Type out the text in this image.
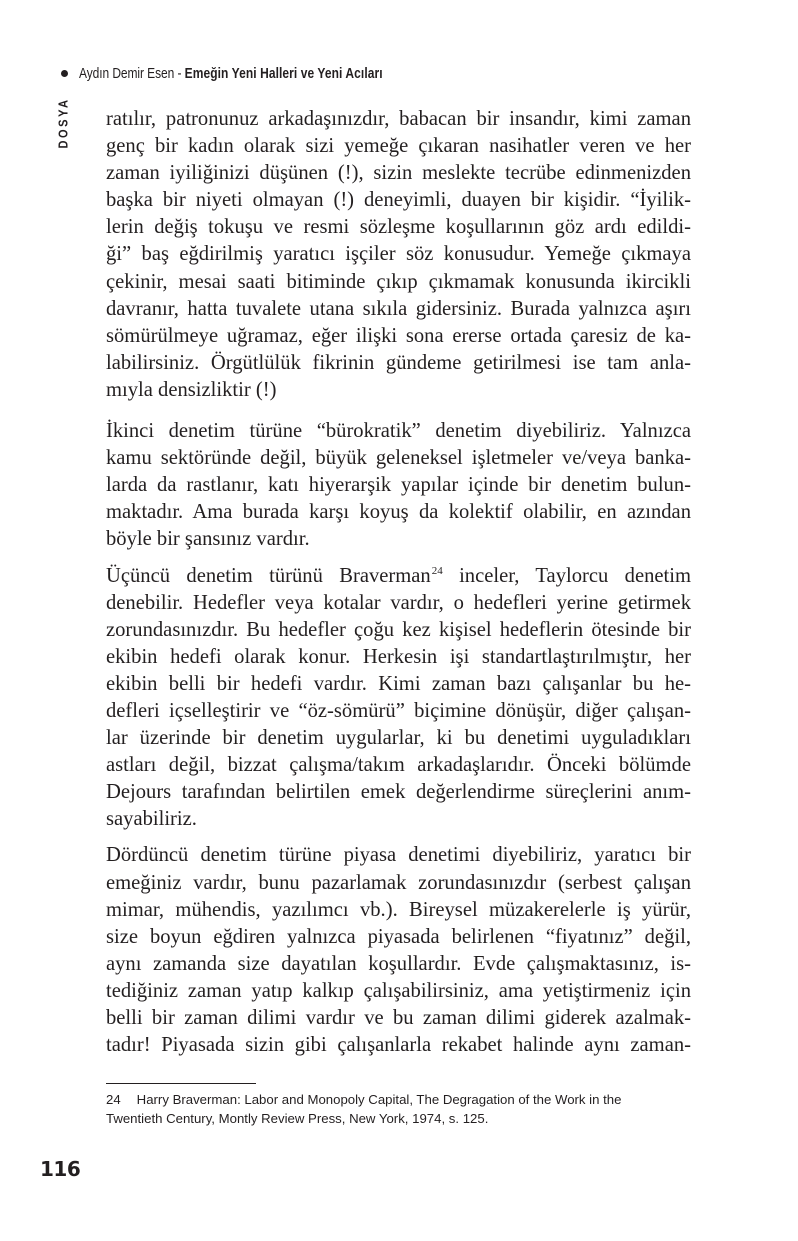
Aydın Demir Esen - Emeğin Yeni Halleri ve Yeni Acıları
DOSYA ratılır, patronunuz arkadaşınızdır, babacan bir insandır, kimi zaman
genç bir kadın olarak sizi yemeğe çıkaran nasihatler veren ve her
zaman iyiliğinizi düşünen (!), sizin meslekte tecrübe edinmenizden
başka bir niyeti olmayan (!) deneyimli, duayen bir kişidir. “İyilik-
lerin değiş tokuşu ve resmi sözleşme koşullarının göz ardı edildi-
ği” baş eğdirilmiş yaratıcı işçiler söz konusudur. Yemeğe çıkmaya
çekinir, mesai saati bitiminde çıkıp çıkmamak konusunda ikircikli
davranır, hatta tuvalete utana sıkıla gidersiniz. Burada yalnızca aşırı
sömürülmeye uğramaz, eğer ilişki sona ererse ortada çaresiz de ka-
labilirsiniz. Örgütlülük fikrinin gündeme getirilmesi ise tam anla-
mıyla densizliktir (!)
İkinci denetim türüne “bürokratik” denetim diyebiliriz. Yalnızca
kamu sektöründe değil, büyük geleneksel işletmeler ve/veya banka-
larda da rastlanır, katı hiyerarşik yapılar içinde bir denetim bulun-
maktadır. Ama burada karşı koyuş da kolektif olabilir, en azından
böyle bir şansınız vardır.
Üçüncü denetim türünü Braverman$^{24}$ inceler, Taylorcu denetim
denebilir. Hedefler veya kotalar vardır, o hedefleri yerine getirmek
zorundasınızdır. Bu hedefler çoğu kez kişisel hedeflerin ötesinde bir
ekibin hedefi olarak konur. Herkesin işi standartlaştırılmıştır, her
ekibin belli bir hedefi vardır. Kimi zaman bazı çalışanlar bu he-
defleri içselleştirir ve “öz-sömürü” biçimine dönüşür, diğer çalışan-
lar üzerinde bir denetim uygularlar, ki bu denetimi uyguladıkları
astları değil, bizzat çalışma/takım arkadaşlarıdır. Önceki bölümde
Dejours tarafından belirtilen emek değerlendirme süreçlerini anım-
sayabiliriz.
Dördüncü denetim türüne piyasa denetimi diyebiliriz, yaratıcı bir
emeğiniz vardır, bunu pazarlamak zorundasınızdır (serbest çalışan
mimar, mühendis, yazılımcı vb.). Bireysel müzakerelerle iş yürür,
size boyun eğdiren yalnızca piyasada belirlenen “fiyatınız” değil,
aynı zamanda size dayatılan koşullardır. Evde çalışmaktasınız, is-
tediğiniz zaman yatıp kalkıp çalışabilirsiniz, ama yetiştirmeniz için
belli bir zaman dilimi vardır ve bu zaman dilimi giderek azalmak-
tadır! Piyasada sizin gibi çalışanlarla rekabet halinde aynı zaman-
24 Harry Braverman: Labor and Monopoly Capital, The Degragation of the Work in the
Twentieth Century, Montly Review Press, New York, 1974, s. 125.
116
